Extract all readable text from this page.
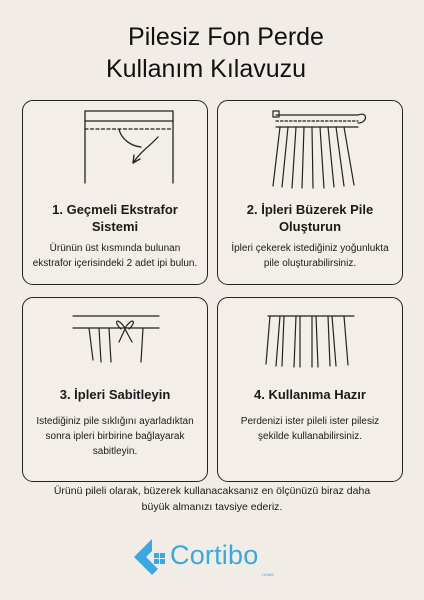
Pilesiz Fon Perde
Kullanım Kılavuzu
1. Geçmeli Ekstrafor Sistemi
Ürünün üst kısmında bulunan ekstrafor içerisindeki 2 adet ipi bulun.
2. İpleri Büzerek Pile Oluşturun
İpleri çekerek istediğiniz yoğunlukta pile oluşturabilirsiniz.
3. İpleri Sabitleyin
Istediğiniz pile sıklığını ayarladıktan sonra ipleri birbirine bağlayarak sabitleyin.
4. Kullanıma Hazır
Perdenizi ister pileli ister pilesiz şekilde kullanabilirsiniz.
Ürünü pileli olarak, büzerek kullanacaksanız en ölçünüzü biraz daha büyük almanızı tavsiye ederiz.
Cortibo
HOME
